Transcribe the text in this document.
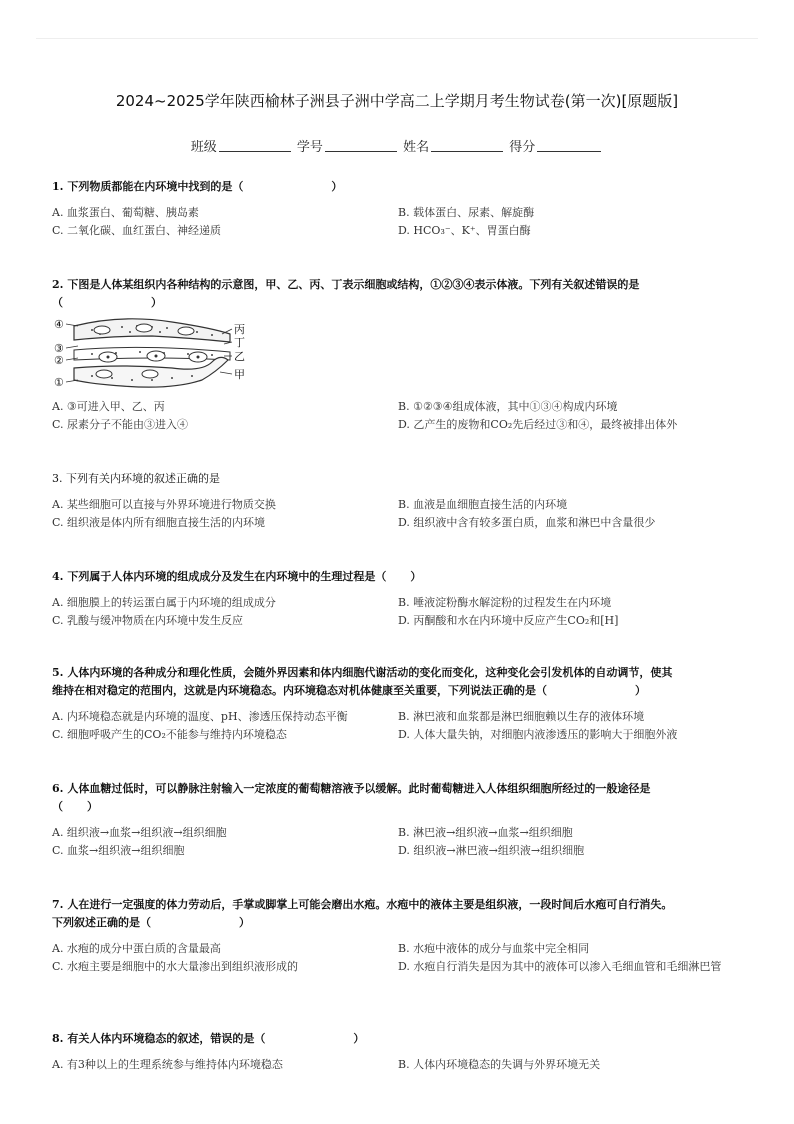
2024~2025学年陕西榆林子洲县子洲中学高二上学期月考生物试卷(第一次)[原题版]
班级	学号	姓名	得分
1. 下列物质都能在内环境中找到的是（	）
A. 血浆蛋白、葡萄糖、胰岛素	B. 载体蛋白、尿素、解旋酶
C. 二氧化碳、血红蛋白、神经递质	D. HCO₃⁻、K⁺、胃蛋白酶
2. 下图是人体某组织内各种结构的示意图，甲、乙、丙、丁表示细胞或结构，①②③④表示体液。下列有关叙述错误的是
（	）
④
③
②
①
丙
丁
乙
甲
A. ③可进入甲、乙、丙	B. ①②③④组成体液，其中①③④构成内环境
C. 尿素分子不能由③进入④	D. 乙产生的废物和CO₂先后经过③和④，最终被排出体外
3. 下列有关内环境的叙述正确的是
A. 某些细胞可以直接与外界环境进行物质交换	B. 血液是血细胞直接生活的内环境
C. 组织液是体内所有细胞直接生活的内环境	D. 组织液中含有较多蛋白质，血浆和淋巴中含量很少
4. 下列属于人体内环境的组成成分及发生在内环境中的生理过程是（ ）
A. 细胞膜上的转运蛋白属于内环境的组成成分	B. 唾液淀粉酶水解淀粉的过程发生在内环境
C. 乳酸与缓冲物质在内环境中发生反应	D. 丙酮酸和水在内环境中反应产生CO₂和[H]
5. 人体内环境的各种成分和理化性质，会随外界因素和体内细胞代谢活动的变化而变化，这种变化会引发机体的自动调节，使其
维持在相对稳定的范围内，这就是内环境稳态。内环境稳态对机体健康至关重要，下列说法正确的是（	）
A. 内环境稳态就是内环境的温度、pH、渗透压保持动态平衡	B. 淋巴液和血浆都是淋巴细胞赖以生存的液体环境
C. 细胞呼吸产生的CO₂不能参与维持内环境稳态	D. 人体大量失钠，对细胞内液渗透压的影响大于细胞外液
6. 人体血糖过低时，可以静脉注射输入一定浓度的葡萄糖溶液予以缓解。此时葡萄糖进入人体组织细胞所经过的一般途径是
（ ）
A. 组织液→血浆→组织液→组织细胞	B. 淋巴液→组织液→血浆→组织细胞
C. 血浆→组织液→组织细胞	D. 组织液→淋巴液→组织液→组织细胞
7. 人在进行一定强度的体力劳动后，手掌或脚掌上可能会磨出水疱。水疱中的液体主要是组织液，一段时间后水疱可自行消失。
下列叙述正确的是（	）
A. 水疱的成分中蛋白质的含量最高	B. 水疱中液体的成分与血浆中完全相同
C. 水疱主要是细胞中的水大量渗出到组织液形成的	D. 水疱自行消失是因为其中的液体可以渗入毛细血管和毛细淋巴管
8. 有关人体内环境稳态的叙述，错误的是（	）
A. 有3种以上的生理系统参与维持体内环境稳态	B. 人体内环境稳态的失调与外界环境无关
